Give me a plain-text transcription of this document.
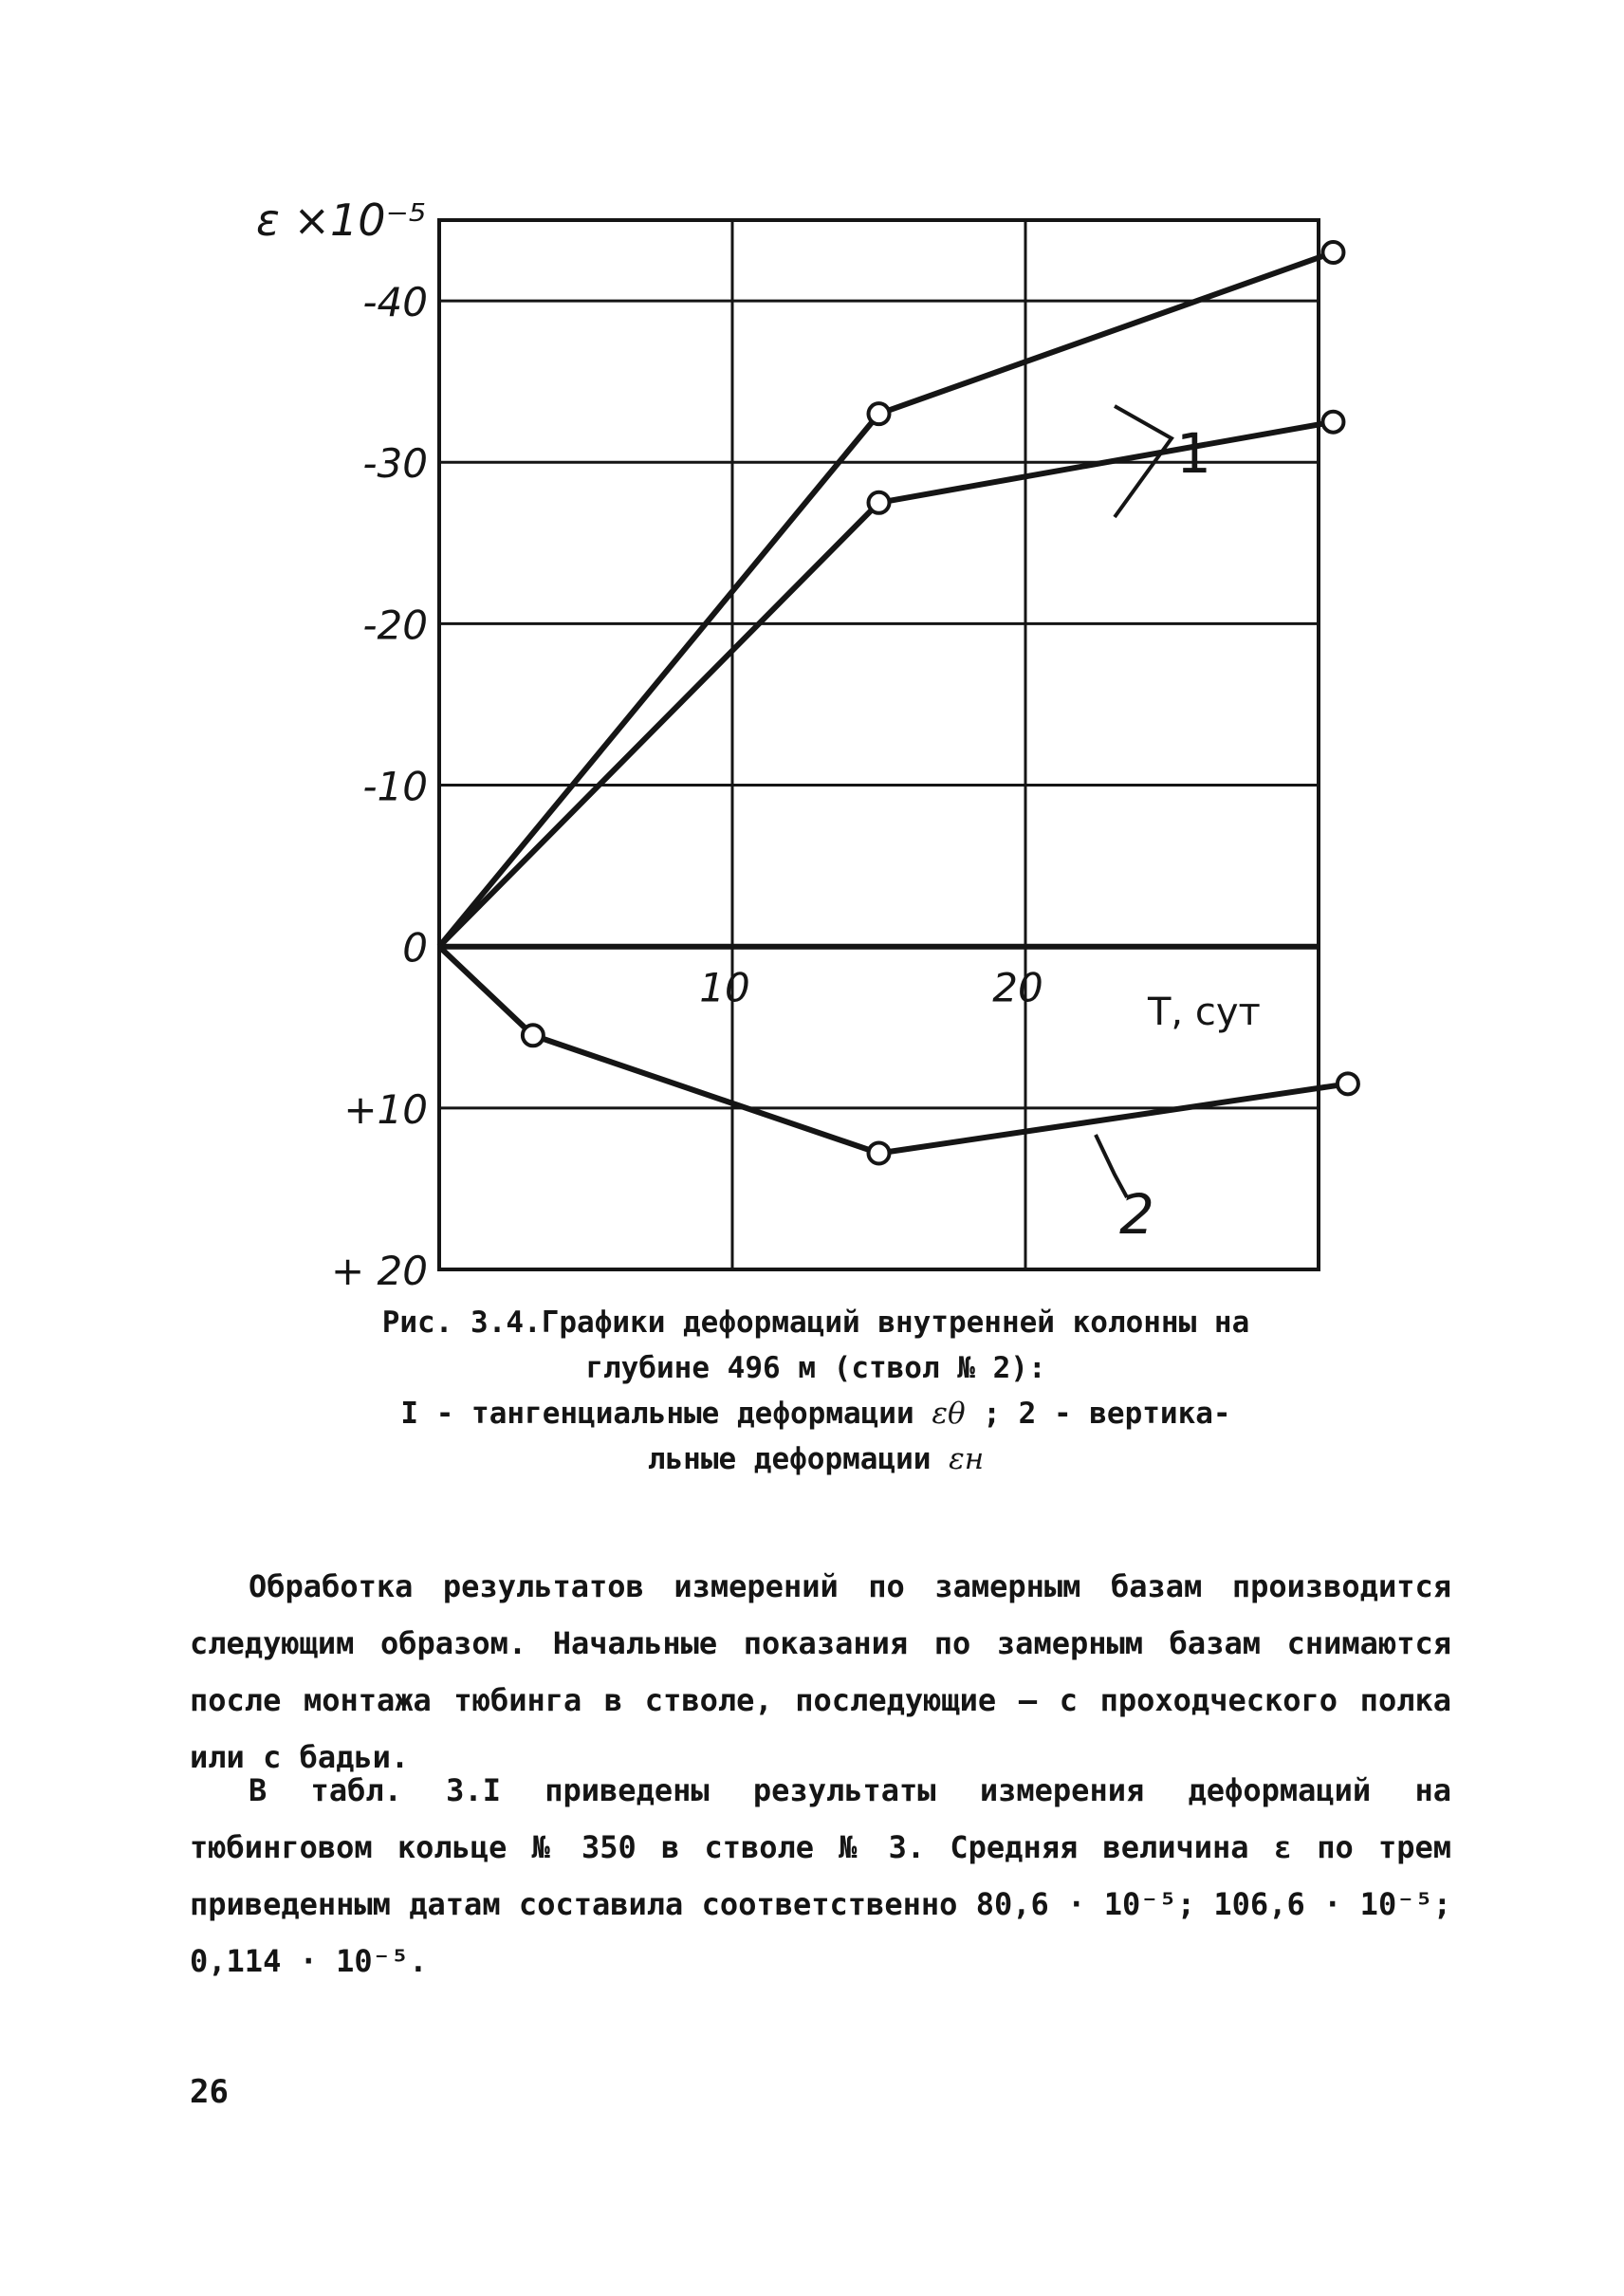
ε ×10⁻⁵
-40
-30
-20
-10
0
+10
+ 20
10	20
1
2
T, сут
Рис. 3.4.Графики деформаций внутренней колонны на
глубине 496 м (ствол № 2):
I - тангенциальные деформации εθ ; 2 - вертика-
льные деформации εн

Обработка результатов измерений по замерным базам производится следующим образом. Начальные показания по замерным базам снимаются после монтажа тюбинга в стволе, последующие – с проходческого полка или с бадьи.

В табл. 3.I приведены результаты измерения деформаций на тюбинговом кольце № 350 в стволе № 3. Средняя величина ε по трем приведенным датам составила соответственно 80,6 · 10⁻⁵; 106,6 · 10⁻⁵; 0,114 · 10⁻⁵.

26
